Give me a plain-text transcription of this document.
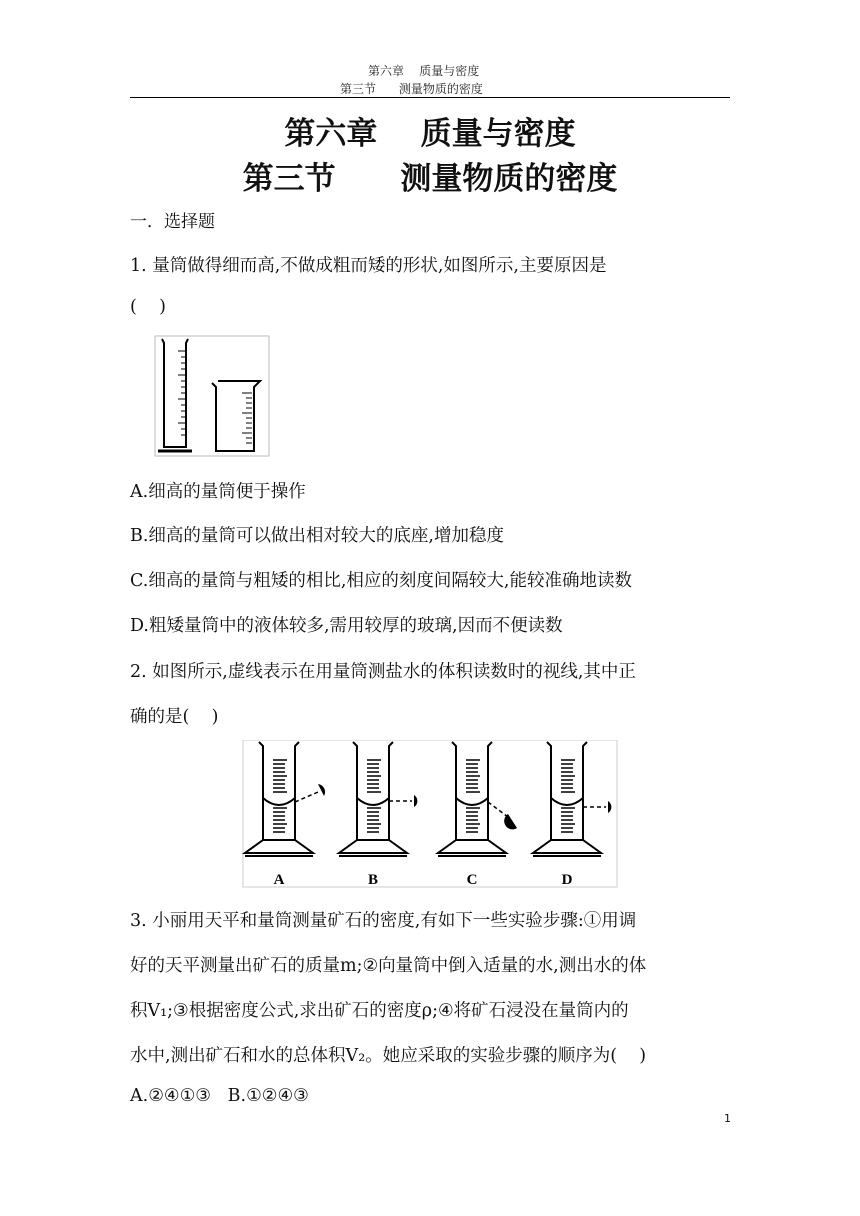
第六章    质量与密度
第三节      测量物质的密度
第六章    质量与密度
第三节      测量物质的密度
一．选择题
1. 量筒做得细而高,不做成粗而矮的形状,如图所示,主要原因是
(    )
A.细高的量筒便于操作
B.细高的量筒可以做出相对较大的底座,增加稳度
C.细高的量筒与粗矮的相比,相应的刻度间隔较大,能较准确地读数
D.粗矮量筒中的液体较多,需用较厚的玻璃,因而不便读数
2. 如图所示,虚线表示在用量筒测盐水的体积读数时的视线,其中正
确的是(    )
A	B	C	D
3. 小丽用天平和量筒测量矿石的密度,有如下一些实验步骤:①用调
好的天平测量出矿石的质量m;②向量筒中倒入适量的水,测出水的体
积V₁;③根据密度公式,求出矿石的密度ρ;④将矿石浸没在量筒内的
水中,测出矿石和水的总体积V₂。她应采取的实验步骤的顺序为(    )
A.②④①③   B.①②④③
1
